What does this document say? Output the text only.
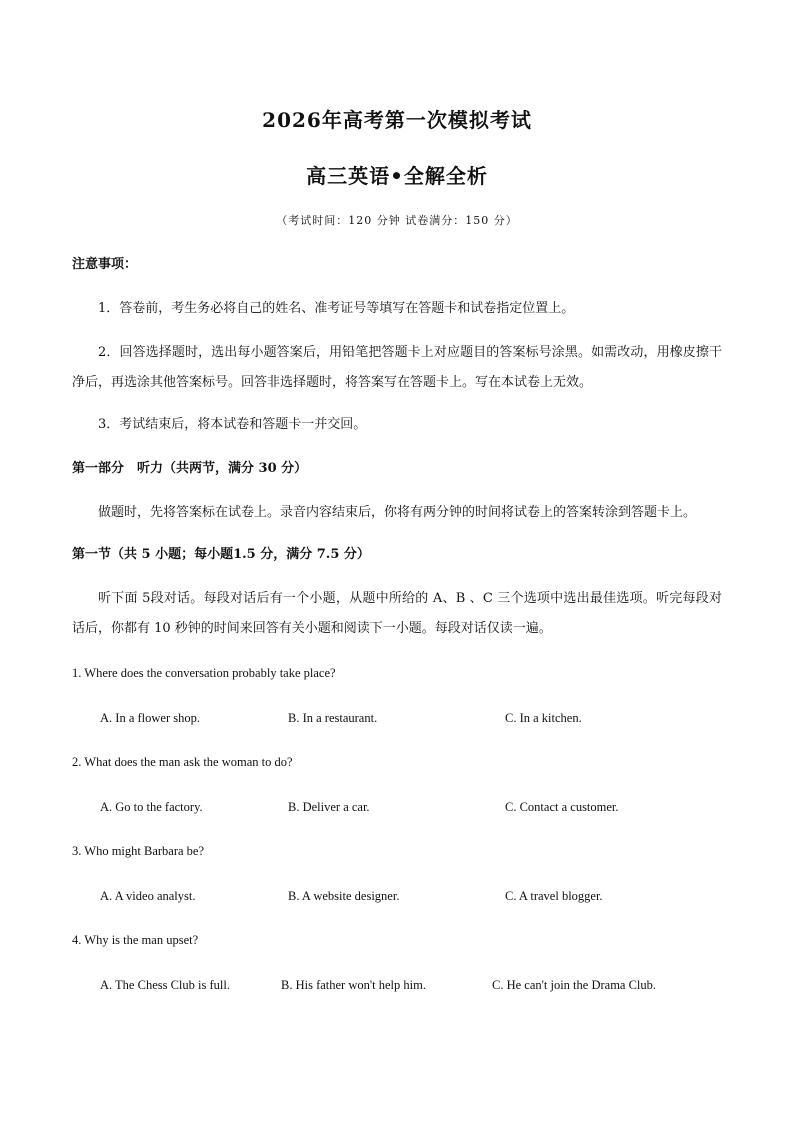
2026年高考第一次模拟考试
高三英语•全解全析
（考试时间：120 分钟 试卷满分：150 分）
注意事项：
1．答卷前，考生务必将自己的姓名、准考证号等填写在答题卡和试卷指定位置上。
2．回答选择题时，选出每小题答案后，用铅笔把答题卡上对应题目的答案标号涂黑。如需改动，用橡皮擦干净后，再选涂其他答案标号。回答非选择题时，将答案写在答题卡上。写在本试卷上无效。
3．考试结束后，将本试卷和答题卡一并交回。
第一部分　听力（共两节，满分 30 分）
做题时，先将答案标在试卷上。录音内容结束后，你将有两分钟的时间将试卷上的答案转涂到答题卡上。
第一节（共 5 小题；每小题1.5 分，满分 7.5 分）
听下面 5段对话。每段对话后有一个小题，从题中所给的 A、B 、C 三个选项中选出最佳选项。听完每段对话后，你都有 10 秒钟的时间来回答有关小题和阅读下一小题。每段对话仅读一遍。
1. Where does the conversation probably take place?
A. In a flower shop.	B. In a restaurant.	C. In a kitchen.
2. What does the man ask the woman to do?
A. Go to the factory.	B. Deliver a car.	C. Contact a customer.
3. Who might Barbara be?
A. A video analyst.	B. A website designer.	C. A travel blogger.
4. Why is the man upset?
A. The Chess Club is full.	B. His father won't help him.	C. He can't join the Drama Club.
